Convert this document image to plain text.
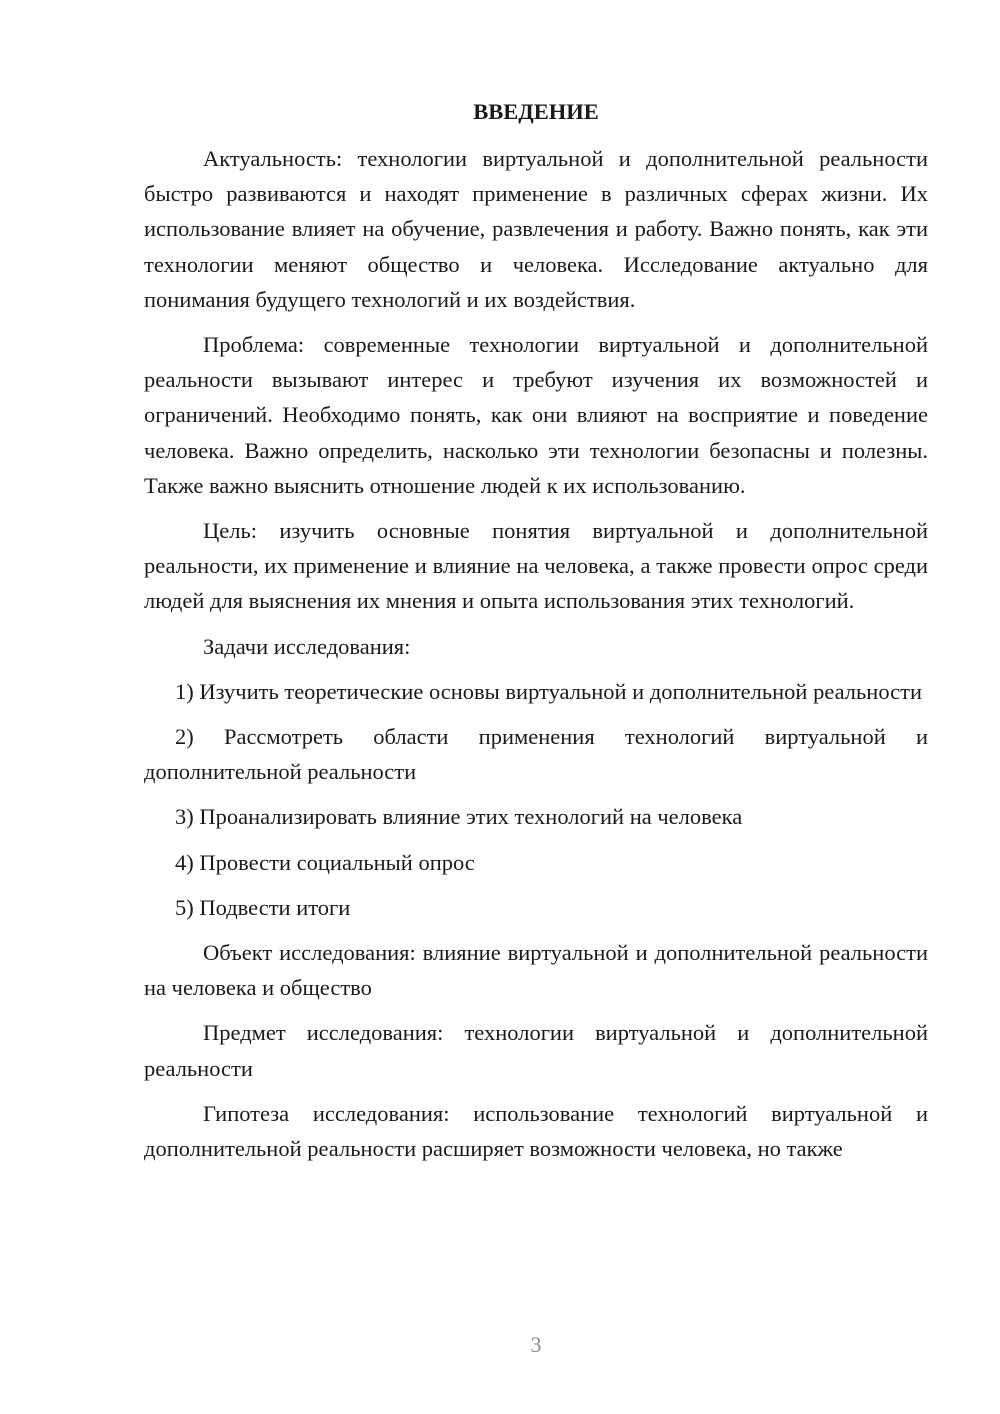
ВВЕДЕНИЕ

Актуальность: технологии виртуальной и дополнительной реальности быстро развиваются и находят применение в различных сферах жизни. Их использование влияет на обучение, развлечения и работу. Важно понять, как эти технологии меняют общество и человека. Исследование актуально для понимания будущего технологий и их воздействия.

Проблема: современные технологии виртуальной и дополнительной реальности вызывают интерес и требуют изучения их возможностей и ограничений. Необходимо понять, как они влияют на восприятие и поведение человека. Важно определить, насколько эти технологии безопасны и полезны. Также важно выяснить отношение людей к их использованию.

Цель: изучить основные понятия виртуальной и дополнительной реальности, их применение и влияние на человека, а также провести опрос среди людей для выяснения их мнения и опыта использования этих технологий.

Задачи исследования:

1) Изучить теоретические основы виртуальной и дополнительной реальности

2) Рассмотреть области применения технологий виртуальной и дополнительной реальности

3) Проанализировать влияние этих технологий на человека

4) Провести социальный опрос

5) Подвести итоги

Объект исследования: влияние виртуальной и дополнительной реальности на человека и общество

Предмет исследования: технологии виртуальной и дополнительной реальности

Гипотеза исследования: использование технологий виртуальной и дополнительной реальности расширяет возможности человека, но также

3
